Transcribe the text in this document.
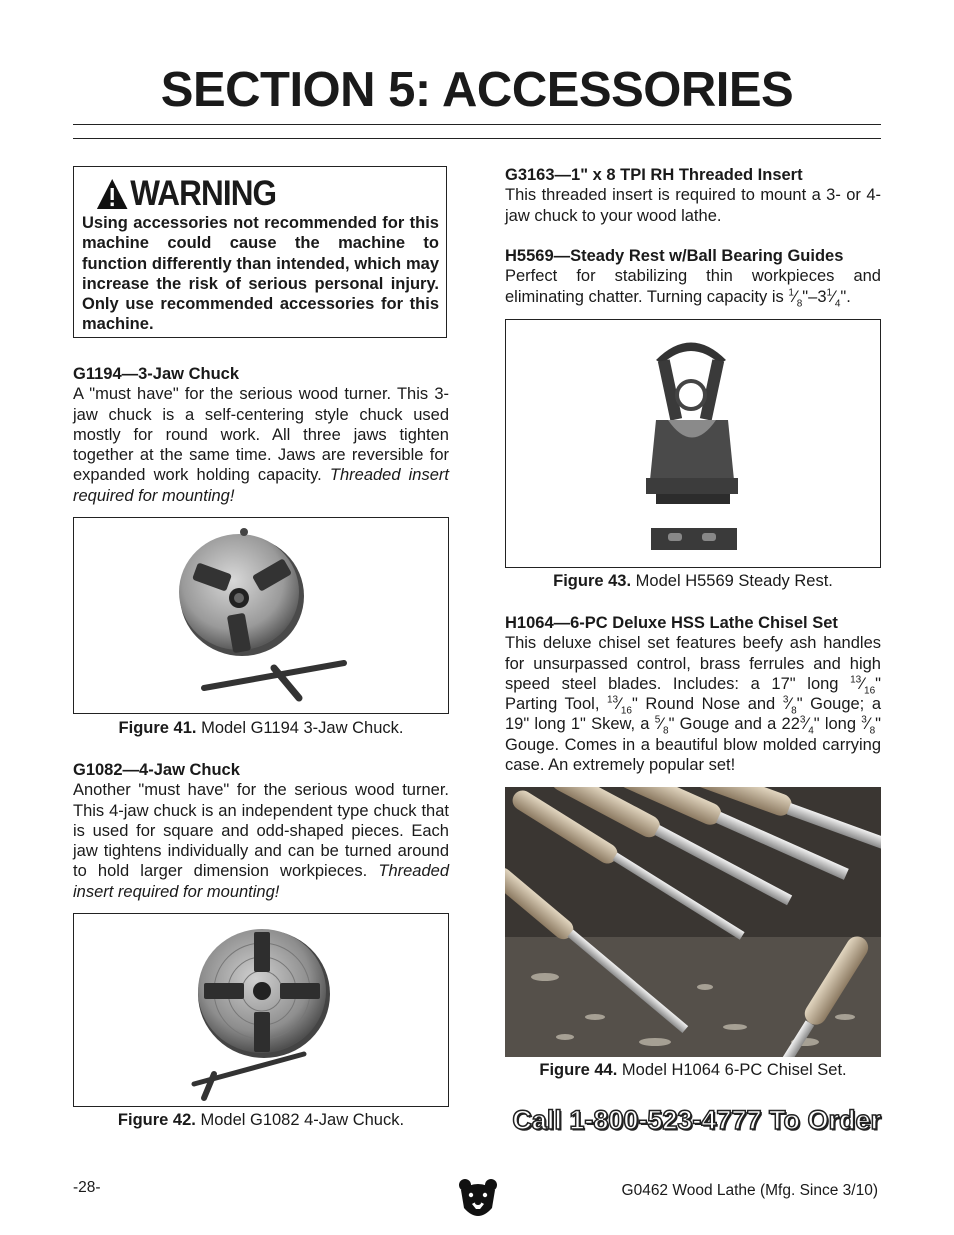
SECTION 5: ACCESSORIES
WARNING
Using accessories not recommended for this machine could cause the machine to function differently than intended, which may increase the risk of serious personal injury. Only use recommended accessories for this machine.
G1194—3-Jaw Chuck

A "must have" for the serious wood turner. This 3-jaw chuck is a self-centering style chuck used mostly for round work. All three jaws tighten together at the same time. Jaws are reversible for expanded work holding capacity. Threaded insert required for mounting!

Figure 41. Model G1194 3-Jaw Chuck.
G1082—4-Jaw Chuck

Another "must have" for the serious wood turner. This 4-jaw chuck is an independent type chuck that is used for square and odd-shaped pieces. Each jaw tightens individually and can be turned around to hold larger dimension workpieces. Threaded insert required for mounting!

Figure 42. Model G1082 4-Jaw Chuck.
G3163—1" x 8 TPI RH Threaded Insert

This threaded insert is required to mount a 3- or 4-jaw chuck to your wood lathe.

H5569—Steady Rest w/Ball Bearing Guides

Perfect for stabilizing thin workpieces and eliminating chatter. Turning capacity is $^1⁄_8"-3^1⁄_4$".

Figure 43. Model H5569 Steady Rest.
H1064—6-PC Deluxe HSS Lathe Chisel Set

This deluxe chisel set features beefy ash handles for unsurpassed control, brass ferrules and high speed steel blades. Includes: a 17" long $^{13}⁄_{16}$" Parting Tool, $^{13}⁄_{16}$" Round Nose and $^3⁄_8$" Gouge; a 19" long 1" Skew, a $^5⁄_8$" Gouge and a $22^3⁄_4$" long $^3⁄_8$" Gouge. Comes in a beautiful blow molded carrying case. An extremely popular set!

Figure 44. Model H1064 6-PC Chisel Set.
Call 1-800-523-4777 To Order
-28-	G0462 Wood Lathe (Mfg. Since 3/10)
